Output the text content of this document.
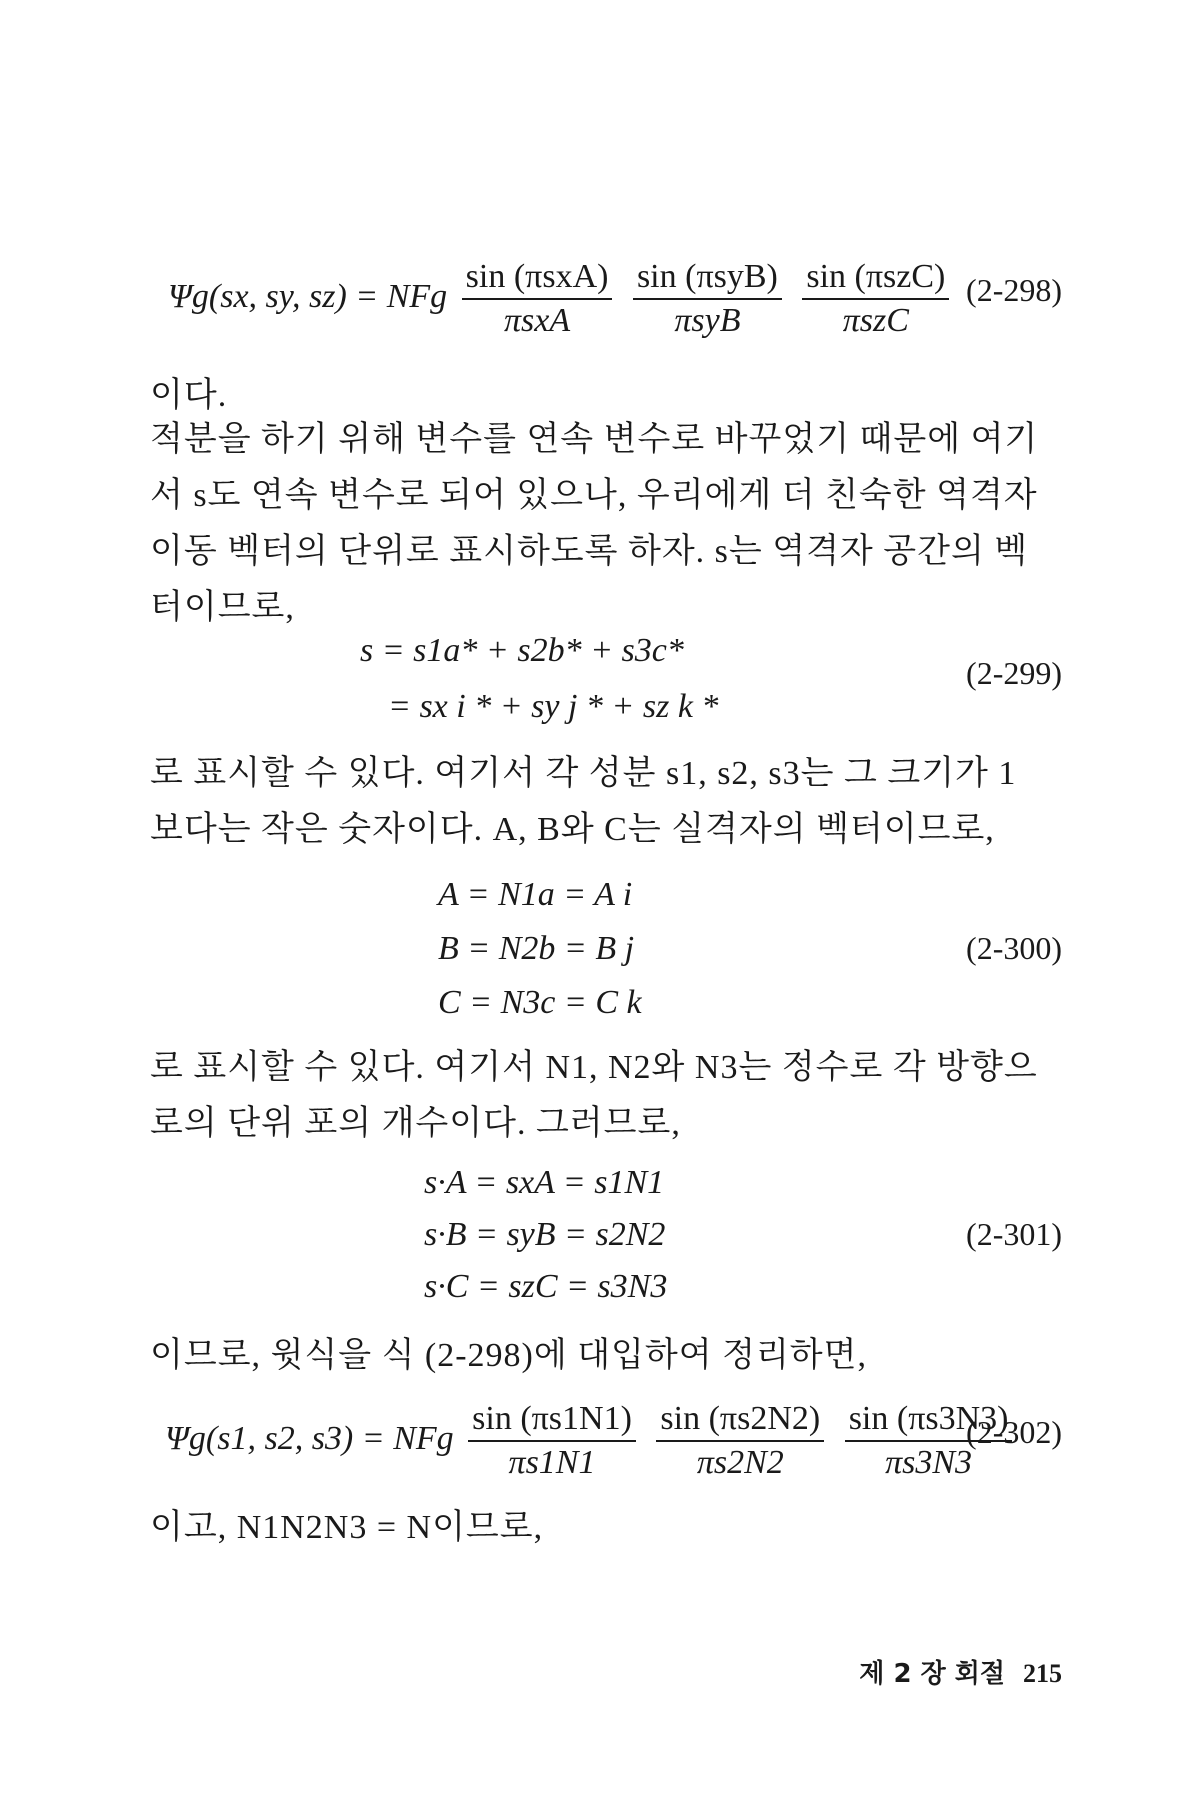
Ψg(sx, sy, sz) = NFg $\frac{\text{sin (πsxA)}}{\text{πsxA}}$
$\frac{\text{sin (πsyB)}}{\text{πsyB}}$
$\frac{\text{sin (πszC)}}{\text{πszC}} (2-298)$
이다.
적분을 하기 위해 변수를 연속 변수로 바꾸었기 때문에 여기서 s도 연속 변수로 되어 있으나, 우리에게 더 친숙한 역격자 이동 벡터의 단위로 표시하도록 하자. s는 역격자 공간의 벡터이므로,
s = s1a* + s2b* + s3c*
= sx i * + sy j * + sz k *
(2-299)
로 표시할 수 있다. 여기서 각 성분 s1, s2, s3는 그 크기가 1보다는 작은 숫자이다. A, B와 C는 실격자의 벡터이므로,
A = N1a = A i
B = N2b = B j
C = N3c = C k
(2-300)
로 표시할 수 있다. 여기서 N1, N2와 N3는 정수로 각 방향으로의 단위 포의 개수이다. 그러므로,
s·A = sxA = s1N1
s·B = syB = s2N2
s·C = szC = s3N3
(2-301)
이므로, 윗식을 식 (2-298)에 대입하여 정리하면,
Ψg(s1, s2, s3) = NFg $\frac{\sin (\pi s1N1)}{\pi s1N1}$
$\frac{\sin (\pi s2N2)}{\pi s2N2}$
$\frac{\sin (\pi s3N3)}{\pi s3N3}$
(2-302)
이고, N1N2N3 = N이므로,
제 2 장 회절 215
